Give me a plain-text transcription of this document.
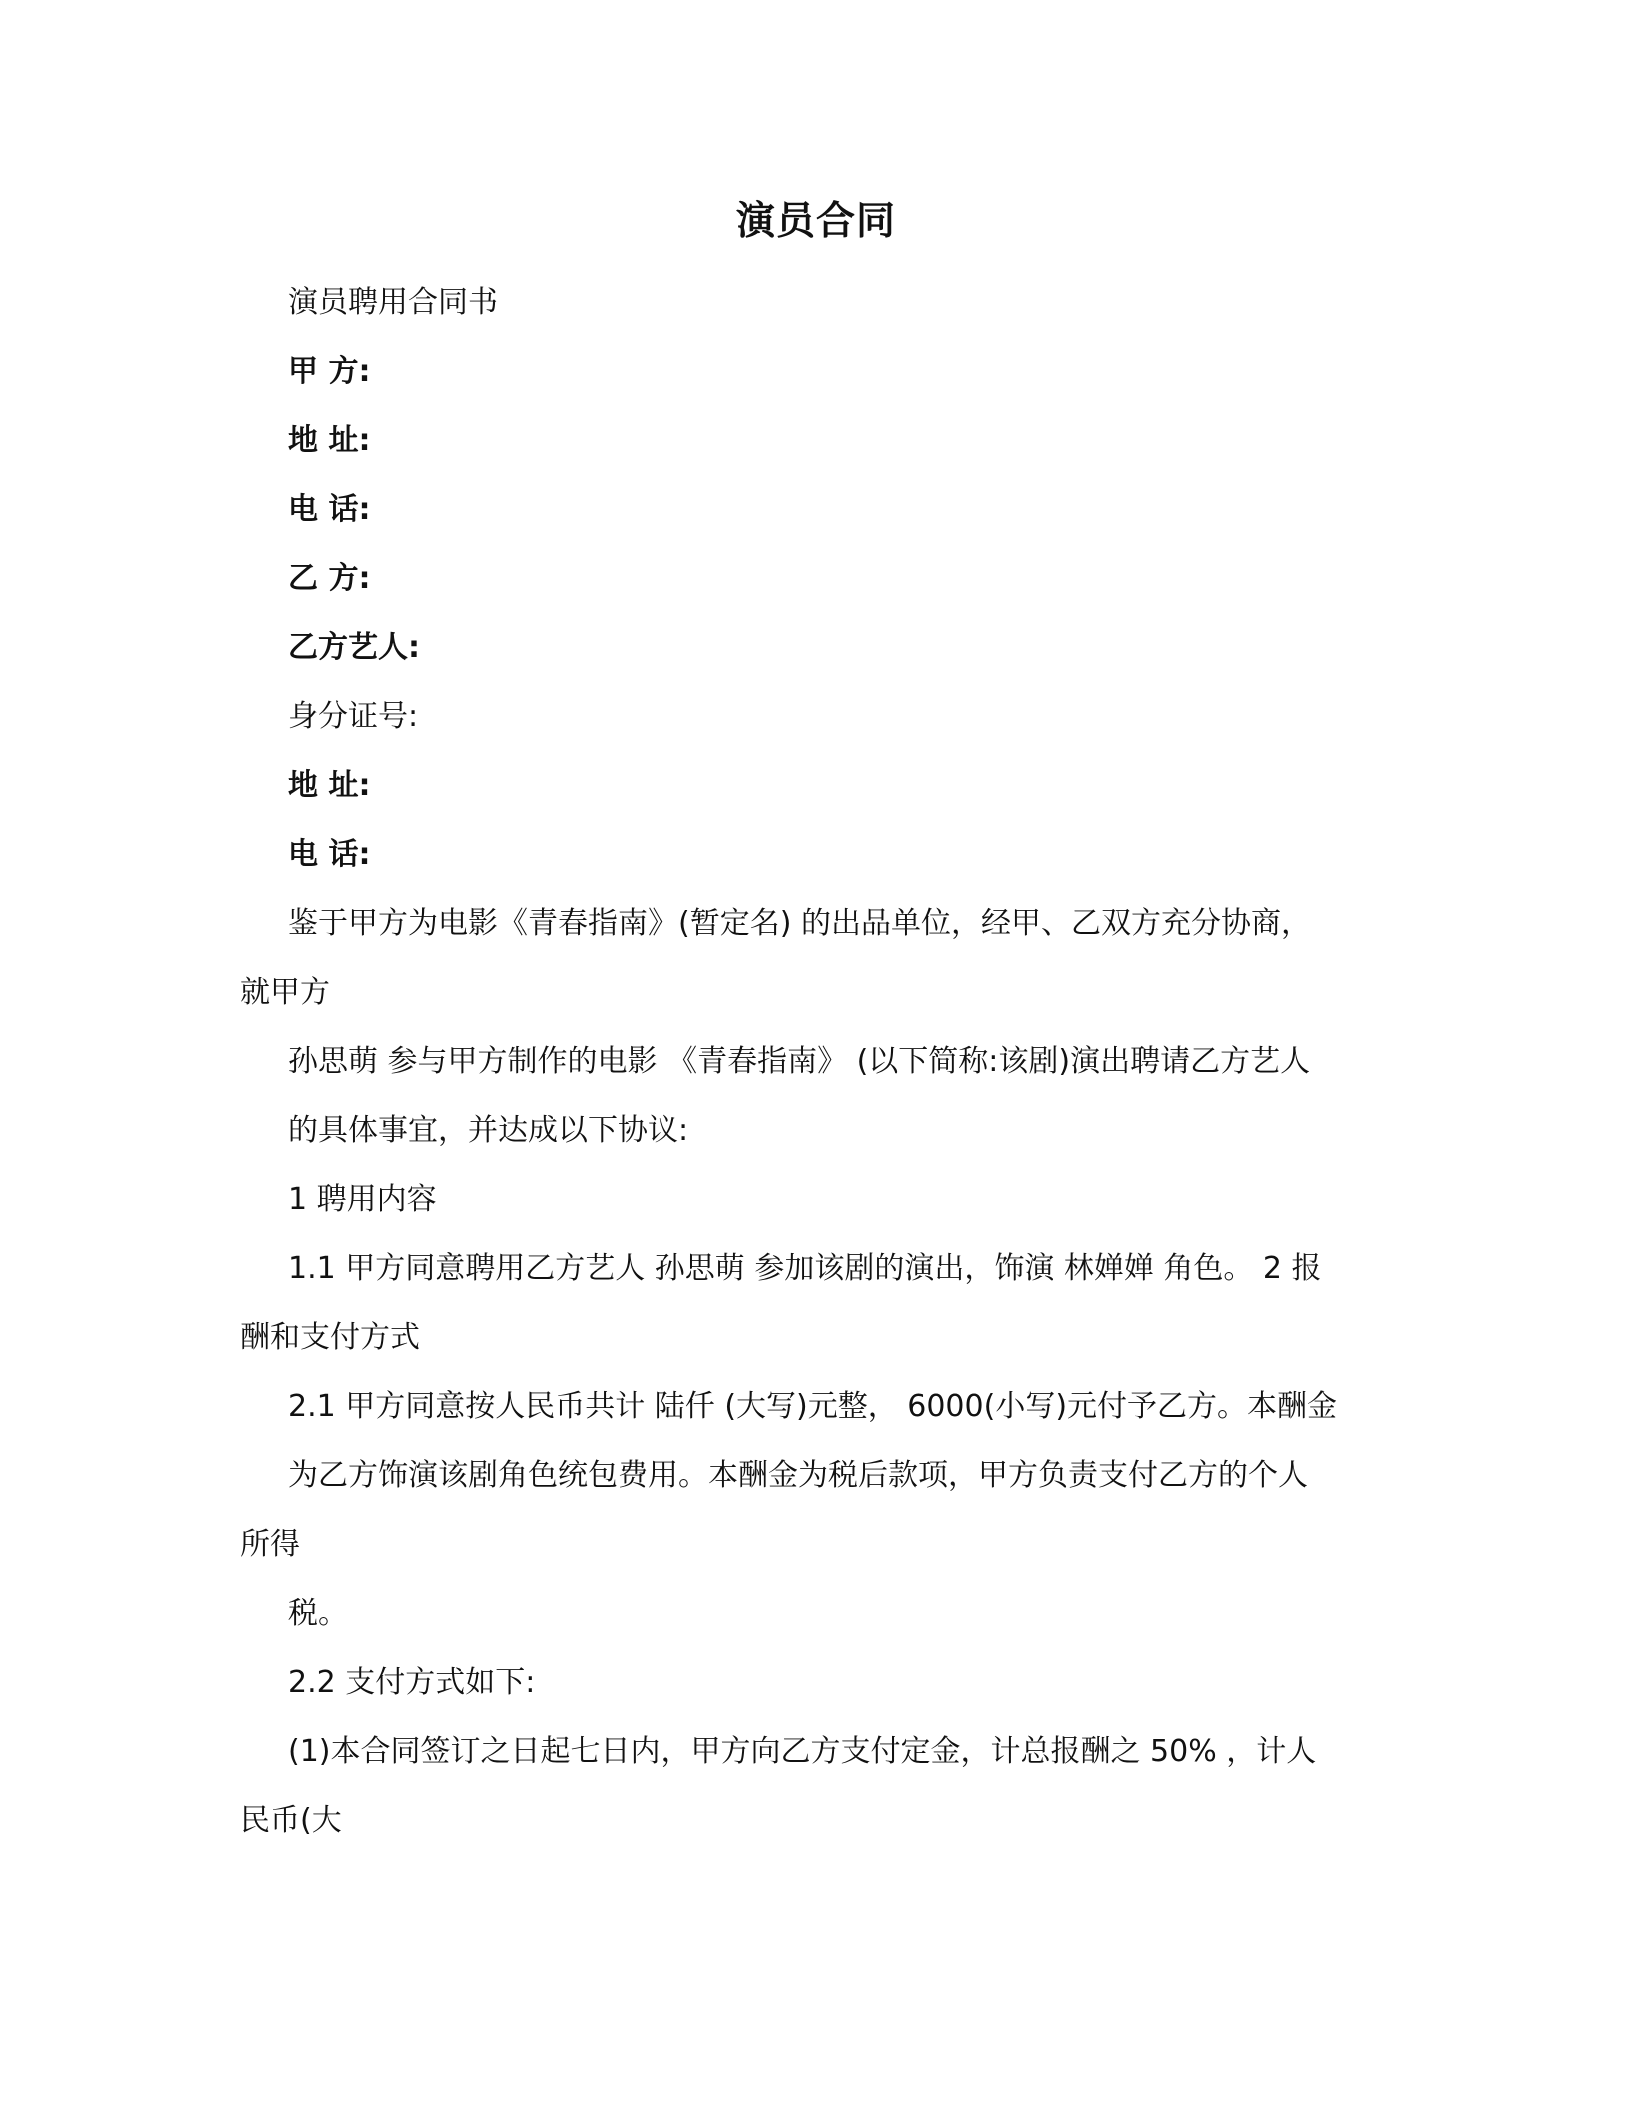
演员合同
演员聘用合同书
甲 方:
地 址:
电 话:
乙 方:
乙方艺人:
身分证号:
地 址:
电 话:
鉴于甲方为电影《青春指南》(暂定名) 的出品单位，经甲、乙双方充分协商，
就甲方
孙思萌 参与甲方制作的电影 《青春指南》 (以下简称:该剧)演出聘请乙方艺人
的具体事宜，并达成以下协议:
1 聘用内容
1.1 甲方同意聘用乙方艺人 孙思萌 参加该剧的演出，饰演 林婵婵 角色。 2 报
酬和支付方式
2.1 甲方同意按人民币共计 陆仟 (大写)元整， 6000(小写)元付予乙方。本酬金
为乙方饰演该剧角色统包费用。本酬金为税后款项，甲方负责支付乙方的个人
所得
税。
2.2 支付方式如下:
(1)本合同签订之日起七日内，甲方向乙方支付定金，计总报酬之 50% ，计人
民币(大
